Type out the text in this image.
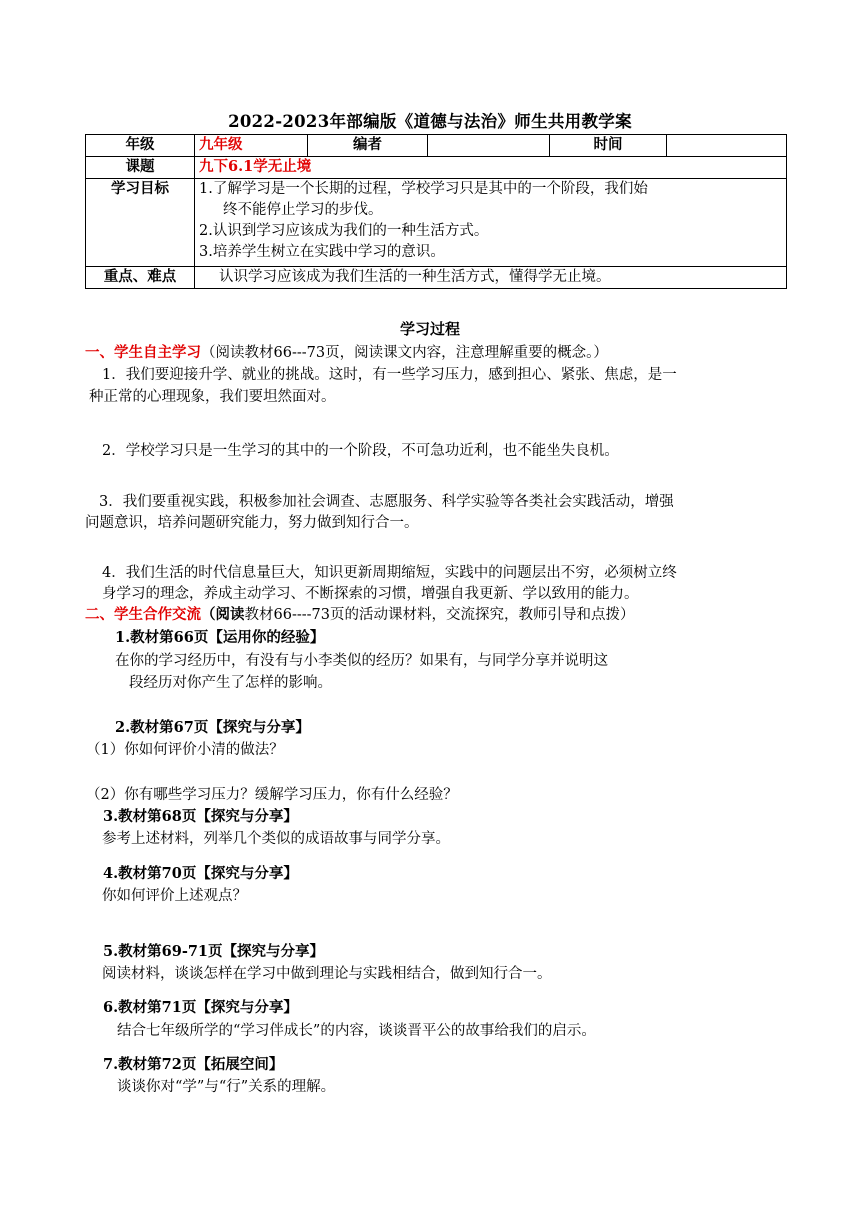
2022-2023年部编版《道德与法治》师生共用教学案
年级	九年级	编者		时间	
课题	九下6.1学无止境				
学习目标	1.了解学习是一个长期的过程，学校学习只是其中的一个阶段，我们始
终不能停止学习的步伐。
2.认识到学习应该成为我们的一种生活方式。
3.培养学生树立在实践中学习的意识。				

重点、难点	认识学习应该成为我们生活的一种生活方式，懂得学无止境。				
学习过程
一、学生自主学习（阅读教材66---73页，阅读课文内容，注意理解重要的概念。）
1．我们要迎接升学、就业的挑战。这时，有一些学习压力，感到担心、紧张、焦虑，是一
种正常的心理现象，我们要坦然面对。
2．学校学习只是一生学习的其中的一个阶段，不可急功近利，也不能坐失良机。
3．我们要重视实践，积极参加社会调查、志愿服务、科学实验等各类社会实践活动，增强
问题意识，培养问题研究能力，努力做到知行合一。
4．我们生活的时代信息量巨大，知识更新周期缩短，实践中的问题层出不穷，必须树立终
身学习的理念，养成主动学习、不断探索的习惯，增强自我更新、学以致用的能力。
二、学生合作交流（阅读教材66----73页的活动课材料，交流探究，教师引导和点拨）
1.教材第66页【运用你的经验】
在你的学习经历中，有没有与小李类似的经历？如果有，与同学分享并说明这
段经历对你产生了怎样的影响。
2.教材第67页【探究与分享】
（1）你如何评价小清的做法？
（2）你有哪些学习压力？缓解学习压力，你有什么经验？
3.教材第68页【探究与分享】
参考上述材料，列举几个类似的成语故事与同学分享。
4.教材第70页【探究与分享】
你如何评价上述观点？
5.教材第69-71页【探究与分享】
阅读材料，谈谈怎样在学习中做到理论与实践相结合，做到知行合一。
6.教材第71页【探究与分享】
结合七年级所学的“学习伴成长”的内容，谈谈晋平公的故事给我们的启示。
7.教材第72页【拓展空间】
谈谈你对“学”与“行”关系的理解。
